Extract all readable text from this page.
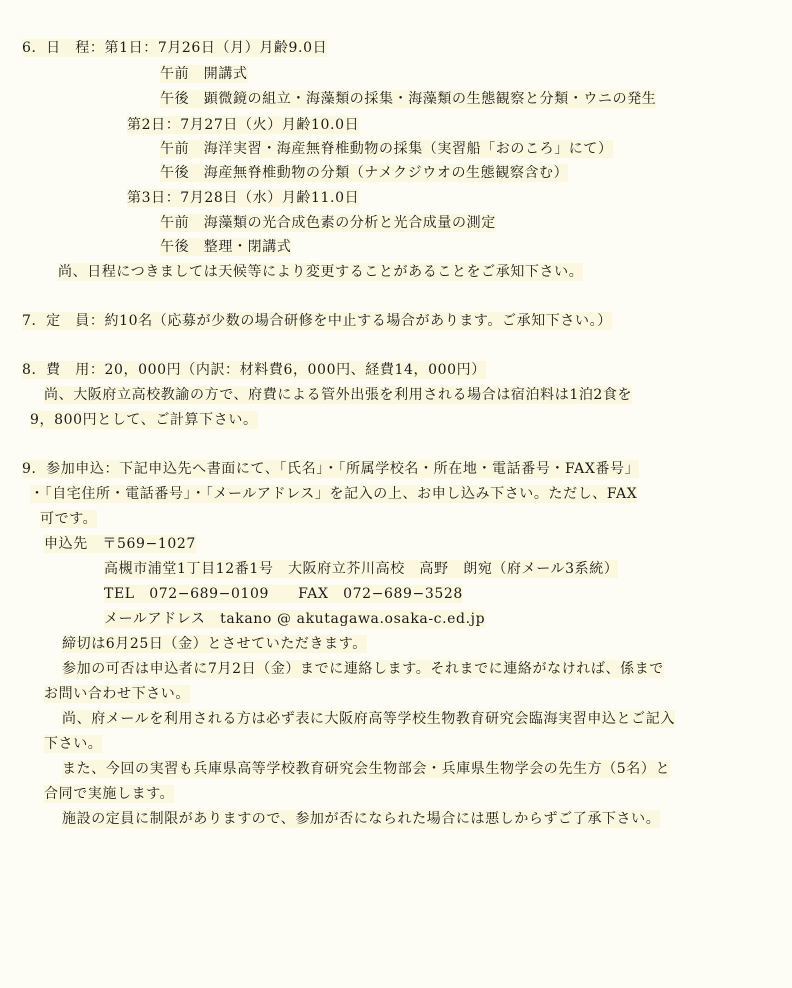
6．日　程：第1日：7月26日（月）月齢9.0日
午前　開講式
午後　顕微鏡の組立・海藻類の採集・海藻類の生態観察と分類・ウニの発生
第2日：7月27日（火）月齢10.0日
午前　海洋実習・海産無脊椎動物の採集（実習船「おのころ」にて）
午後　海産無脊椎動物の分類（ナメクジウオの生態観察含む）
第3日：7月28日（水）月齢11.0日
午前　海藻類の光合成色素の分析と光合成量の測定
午後　整理・閉講式
尚、日程につきましては天候等により変更することがあることをご承知下さい。
7．定　員：約10名（応募が少数の場合研修を中止する場合があります。ご承知下さい。）
8．費　用：20，000円（内訳：材料費6，000円、経費14，000円）
尚、大阪府立高校教諭の方で、府費による管外出張を利用される場合は宿泊料は1泊2食を
9，800円として、ご計算下さい。
9．参加申込：下記申込先へ書面にて、「氏名」・「所属学校名・所在地・電話番号・FAX番号」
・「自宅住所・電話番号」・「メールアドレス」を記入の上、お申し込み下さい。ただし、FAX
可です。
申込先　〒569−1027
高槻市浦堂1丁目12番1号　大阪府立芥川高校　高野　朗宛（府メール3系統）
TEL　072−689−0109　　FAX　072−689−3528
メールアドレス　takano @ akutagawa.osaka-c.ed.jp
締切は6月25日（金）とさせていただきます。
参加の可否は申込者に7月2日（金）までに連絡します。それまでに連絡がなければ、係まで
お問い合わせ下さい。
尚、府メールを利用される方は必ず表に大阪府高等学校生物教育研究会臨海実習申込とご記入
下さい。
また、今回の実習も兵庫県高等学校教育研究会生物部会・兵庫県生物学会の先生方（5名）と
合同で実施します。
施設の定員に制限がありますので、参加が否になられた場合には悪しからずご了承下さい。
